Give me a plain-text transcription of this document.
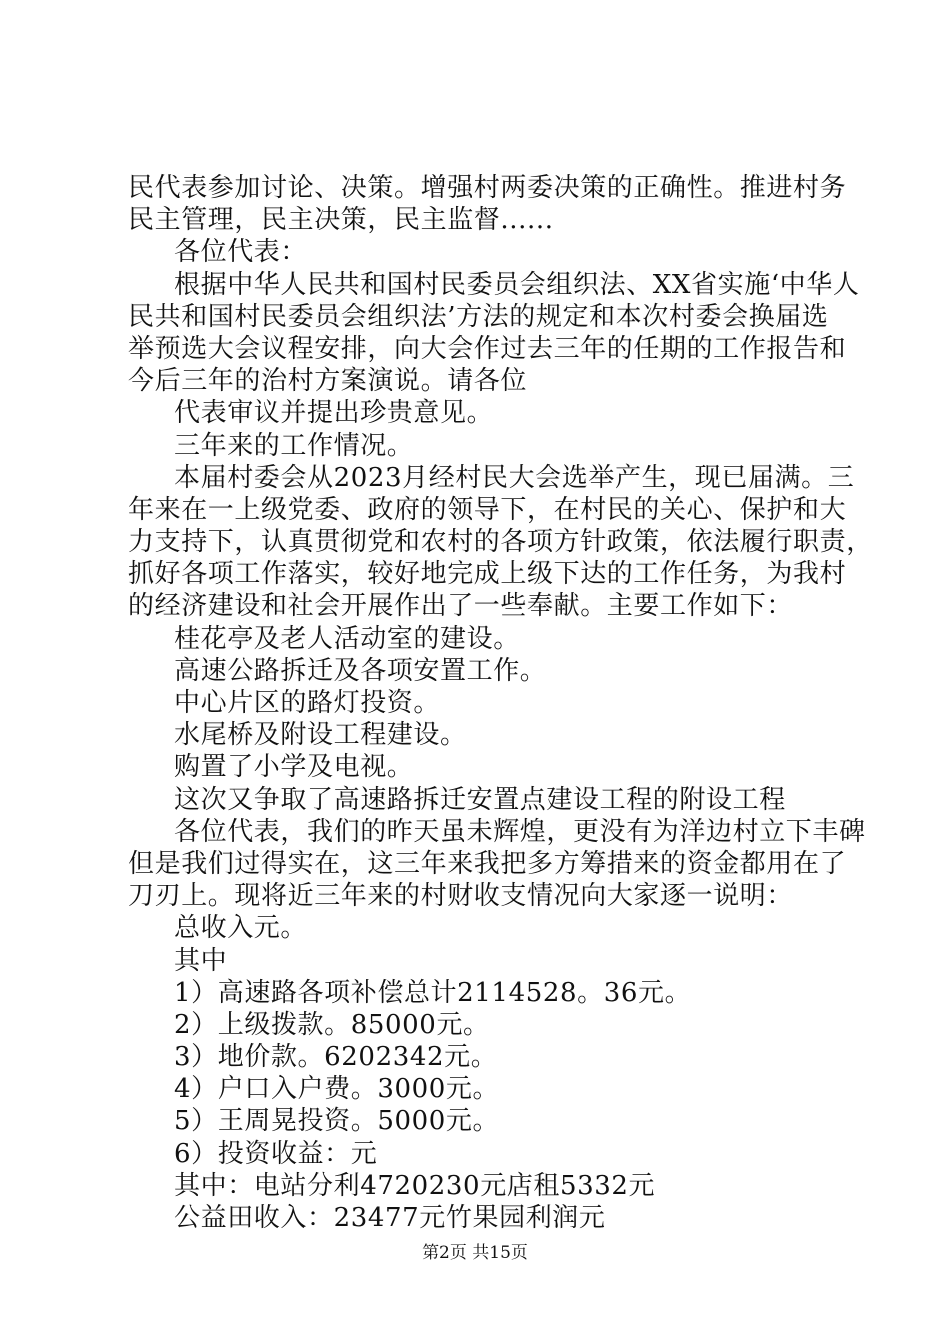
民代表参加讨论、决策。增强村两委决策的正确性。推进村务
民主管理，民主决策，民主监督......
各位代表：
根据中华人民共和国村民委员会组织法、XX省实施‘中华人
民共和国村民委员会组织法’方法的规定和本次村委会换届选
举预选大会议程安排，向大会作过去三年的任期的工作报告和
今后三年的治村方案演说。请各位
代表审议并提出珍贵意见。
三年来的工作情况。
本届村委会从2023月经村民大会选举产生，现已届满。三
年来在一上级党委、政府的领导下，在村民的关心、保护和大
力支持下，认真贯彻党和农村的各项方针政策，依法履行职责，
抓好各项工作落实，较好地完成上级下达的工作任务，为我村
的经济建设和社会开展作出了一些奉献。主要工作如下：
桂花亭及老人活动室的建设。
高速公路拆迁及各项安置工作。
中心片区的路灯投资。
水尾桥及附设工程建设。
购置了小学及电视。
这次又争取了高速路拆迁安置点建设工程的附设工程
各位代表，我们的昨天虽未辉煌，更没有为洋边村立下丰碑
但是我们过得实在，这三年来我把多方筹措来的资金都用在了
刀刃上。现将近三年来的村财收支情况向大家逐一说明：
总收入元。
其中
1）高速路各项补偿总计2114528。36元。
2）上级拨款。85000元。
3）地价款。6202342元。
4）户口入户费。3000元。
5）王周晃投资。5000元。
6）投资收益：元
其中：电站分利4720230元店租5332元
公益田收入：23477元竹果园利润元
第2页 共15页
